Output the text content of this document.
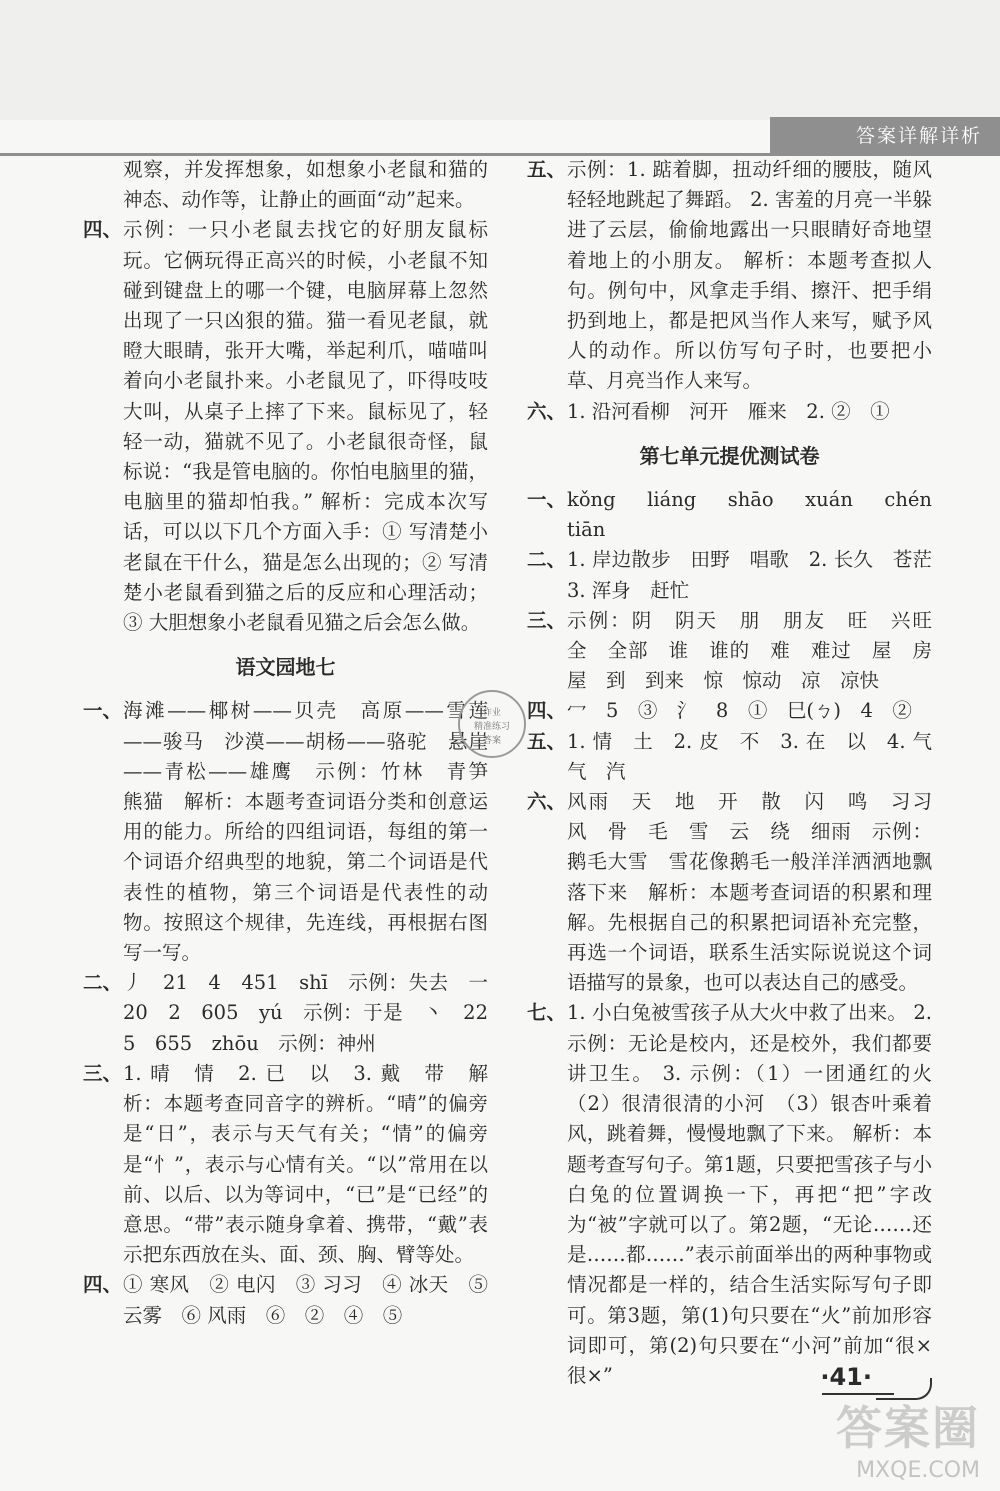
答案详解详析
观察，并发挥想象，如想象小老鼠和猫的神态、动作等，让静止的画面“动”起来。
四、 示例：一只小老鼠去找它的好朋友鼠标玩。它俩玩得正高兴的时候，小老鼠不知碰到键盘上的哪一个键，电脑屏幕上忽然出现了一只凶狠的猫。猫一看见老鼠，就瞪大眼睛，张开大嘴，举起利爪，喵喵叫着向小老鼠扑来。小老鼠见了，吓得吱吱大叫，从桌子上摔了下来。鼠标见了，轻轻一动，猫就不见了。小老鼠很奇怪，鼠标说：“我是管电脑的。你怕电脑里的猫，电脑里的猫却怕我。” 解析：完成本次写话，可以以下几个方面入手：① 写清楚小老鼠在干什么，猫是怎么出现的；② 写清楚小老鼠看到猫之后的反应和心理活动；③ 大胆想象小老鼠看见猫之后会怎么做。
语文园地七
一、 海滩——椰树——贝壳　高原——雪莲——骏马　沙漠——胡杨——骆驼　悬崖——青松——雄鹰　示例：竹林　青笋　熊猫　解析：本题考查词语分类和创意运用的能力。所给的四组词语，每组的第一个词语介绍典型的地貌，第二个词语是代表性的植物，第三个词语是代表性的动物。按照这个规律，先连线，再根据右图写一写。
二、 丿　21　4　451　shī　示例：失去　一　20　2　605　yú　示例：于是　丶　22　5　655　zhōu　示例：神州
三、 1. 晴　情　2. 已　以　3. 戴　带　解析：本题考查同音字的辨析。“晴”的偏旁是“日”，表示与天气有关；“情”的偏旁是“忄”，表示与心情有关。“以”常用在以前、以后、以为等词中，“已”是“已经”的意思。“带”表示随身拿着、携带，“戴”表示把东西放在头、面、颈、胸、臂等处。
四、 ① 寒风　② 电闪　③ 习习　④ 冰天　⑤ 云雾　⑥ 风雨　⑥　②　④　⑤
五、 示例：1. 踮着脚，扭动纤细的腰肢，随风轻轻地跳起了舞蹈。 2. 害羞的月亮一半躲进了云层，偷偷地露出一只眼睛好奇地望着地上的小朋友。 解析：本题考查拟人句。例句中，风拿走手绢、擦汗、把手绢扔到地上，都是把风当作人来写，赋予风人的动作。所以仿写句子时，也要把小草、月亮当作人来写。
六、 1. 沿河看柳　河开　雁来　2. ②　①
第七单元提优测试卷
一、 kǒng　liáng　shāo　xuán　chén　tiān
二、 1. 岸边散步　田野　唱歌　2. 长久　苍茫　3. 浑身　赶忙
三、 示例：阴　阴天　朋　朋友　旺　兴旺　全　全部　谁　谁的　难　难过　屋　房屋　到　到来　惊　惊动　凉　凉快
四、 冖　5　③　氵　8　①　巳(ㄅ)　4　②
五、 1. 情　土　2. 皮　不　3. 在　以　4. 气　气　汽
六、 风雨　天　地　开　散　闪　鸣　习习　风　骨　毛　雪　云　绕　细雨　示例：鹅毛大雪　雪花像鹅毛一般洋洋洒洒地飘落下来　解析：本题考查词语的积累和理解。先根据自己的积累把词语补充完整，再选一个词语，联系生活实际说说这个词语描写的景象，也可以表达自己的感受。
七、 1. 小白兔被雪孩子从大火中救了出来。 2. 示例：无论是校内，还是校外，我们都要讲卫生。 3. 示例：（1）一团通红的火　（2）很清很清的小河　（3）银杏叶乘着风，跳着舞，慢慢地飘了下来。 解析：本题考查写句子。第1题，只要把雪孩子与小白兔的位置调换一下，再把“把”字改为“被”字就可以了。第2题，“无论……还是……都……”表示前面举出的两种事物或情况都是一样的，结合生活实际写句子即可。第3题，第(1)句只要在“火”前加形容词即可，第(2)句只要在“小河”前加“很×很×”
作业
精准练习
答案
·41·
答案圈
MXQE.COM
